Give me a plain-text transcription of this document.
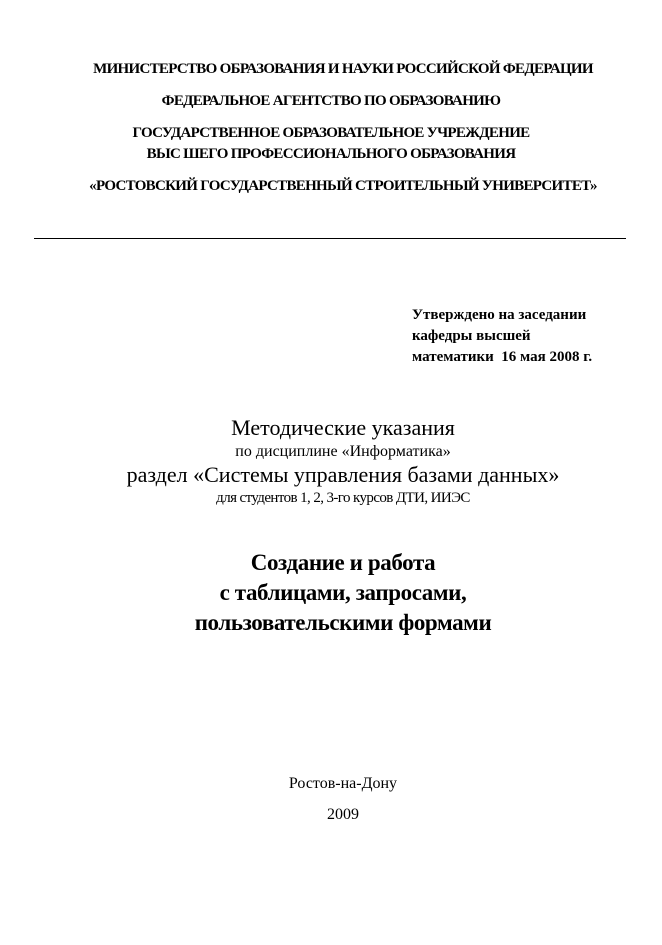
МИНИСТЕРСТВО ОБРАЗОВАНИЯ И НАУКИ РОССИЙСКОЙ ФЕДЕРАЦИИ
ФЕДЕРАЛЬНОЕ АГЕНТСТВО ПО ОБРАЗОВАНИЮ
ГОСУДАРСТВЕННОЕ ОБРАЗОВАТЕЛЬНОЕ УЧРЕЖДЕНИЕ
ВЫС ШЕГО ПРОФЕССИОНАЛЬНОГО ОБРАЗОВАНИЯ
«РОСТОВСКИЙ ГОСУДАРСТВЕННЫЙ СТРОИТЕЛЬНЫЙ УНИВЕРСИТЕТ»
Утверждено на заседании
кафедры высшей
математики  16 мая 2008 г.
Методические указания
по дисциплине «Информатика»
раздел «Системы управления базами данных»
для студентов 1, 2, 3-го курсов ДТИ, ИИЭС
Создание и работа
с таблицами, запросами,
пользовательскими формами
Ростов-на-Дону
2009
